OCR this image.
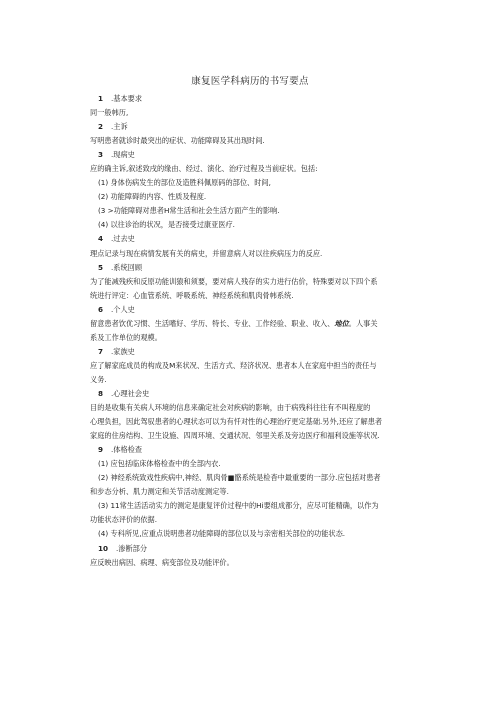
康复医学科病历的书写要点

1 .基本要求

同一般帏历,

2 .主诉

写明患者就诊时最突出的症状、功能障碍及其出现时间.

3 .现病史

应的确主诉,叙述致戌的缘由、经过、演化、治疗过程及当前症状。包括:

(1) 身体伤病发生的部位及造胜科佩原码的部位、时间,

(2) 功能障碍的内容、性质及程度.

(3 >功能障碍对患者H常生活和社会生活方面产生的影响.

(4) 以往诊治的状况，是否接受过康亚医疗.

4 .过去史

理点记录与现在病情发展有关的病史，并留意病人对以往疾病压力的反应.

5 .系统回顾

为了能减残疾和反原功能训猿和须要，要对病人残存的实力进行估价，特殊要对以下四个系

统进行评定：心血管系统、呼吸系统、神经系统和肌肉骨帏系统.

6 .个人史

留意患者饮优习惯、生活嗜好、学历、特长、专业、工作经验、职业、收入、地位。人事关

系及工作单位的观模。

7 .家族史

应了解家庭成员的构成及M来状况、生活方式、羟济状况、患者本人在家庭中担当的责任与

义务.

8 .心理社会史

目的是收集有关病人环境的信息来确定社会对疾病的影响，由于病残科往往有不叫程度的

心理负担，因此驾驭患者的心理状态可以为有忏对性的心理治疗更定基础.另外,还应了解患者

家庭的住房结构、卫生设施、四周环境、交通状况、邻里关系及旁边医疗和福利设施等状况.

9 .体格检查

(1) 应包括临床体格检查中的全部内衣.

(2) 神经系统致戏性疾病中,神经、肌肉骨■骼系统是检杳中最重要的一部分.应包括对患者

和步态分析、肌力测定和关节活动度测定等.

(3) 11常生活活动实力的测定是康复评价过程中的Hi要组成都分，应尽可能精确，以作为

功能状态评价的依据.

(4) 专科所见,应重点说明患者功能障碍的部位以及与亲密相关部位的功能状态.

10 .渗断部分

应反映出病因、病理、病变部位及功能评价。
